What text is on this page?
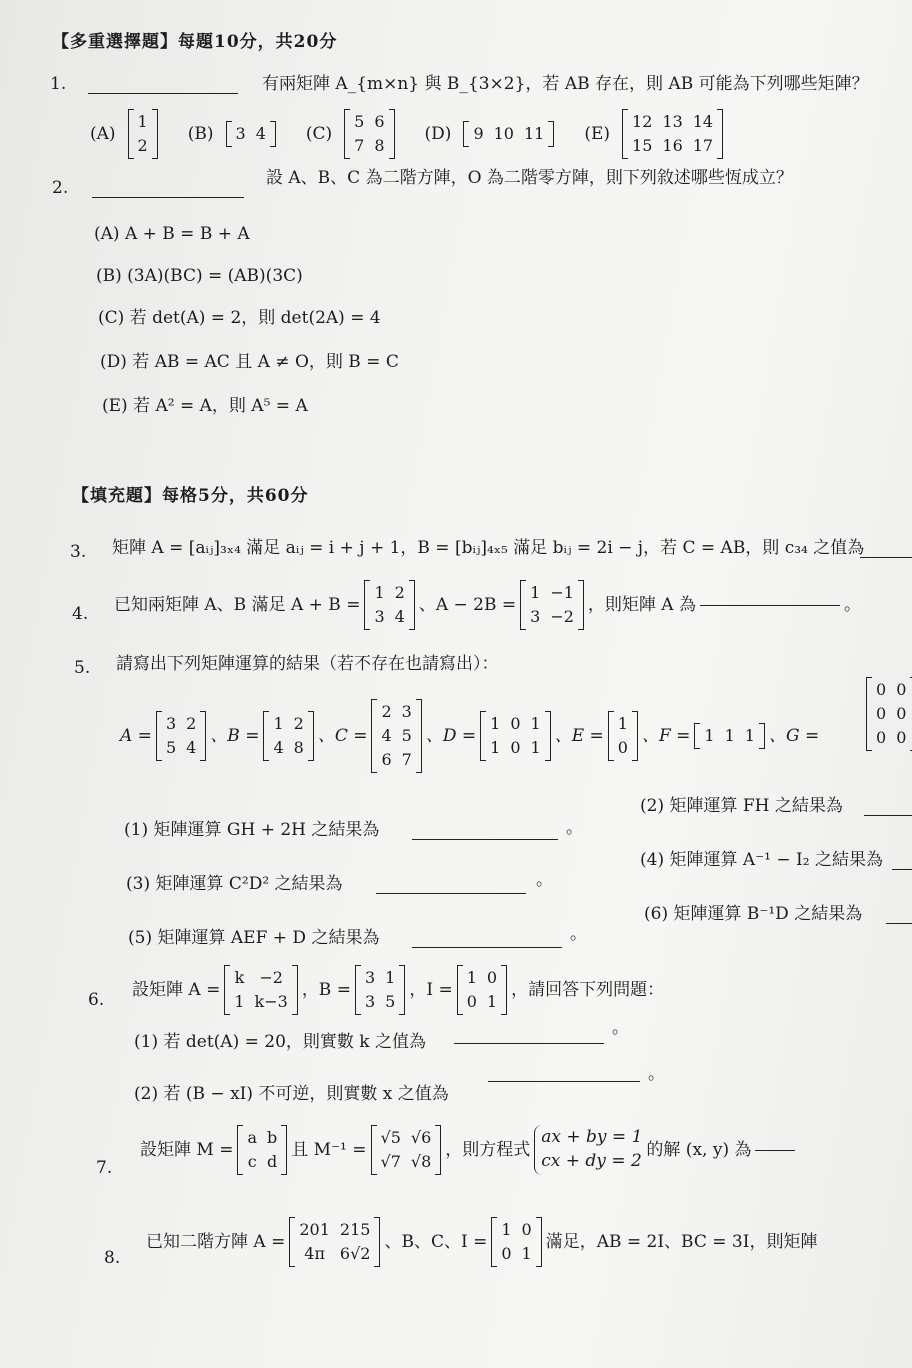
【多重選擇題】每題10分，共20分
1.	有兩矩陣 A_{m×n} 與 B_{3×2}，若 AB 存在，則 AB 可能為下列哪些矩陣？
(A)
1
2
(B) 3	4 (C)
5	6
7	8
(D) 9	10	11 (E)
12	13	14
15	16	17
2.	設 A、B、C 為二階方陣，O 為二階零方陣，則下列敘述哪些恆成立？
(A) A + B = B + A
(B) (3A)(BC) = (AB)(3C)
(C) 若 det(A) = 2，則 det(2A) = 4
(D) 若 AB = AC 且 A ≠ O，則 B = C
(E) 若 A² = A，則 A⁵ = A
【填充題】每格5分，共60分
3. 矩陣 A = [aᵢⱼ]₃ₓ₄ 滿足 aᵢⱼ = i + j + 1，B = [bᵢⱼ]₄ₓ₅ 滿足 bᵢⱼ = 2i − j，若 C = AB，則 c₃₄ 之值為
4. 已知兩矩陣 A、B 滿足 A + B =
1	2
3	4
、A − 2B =
1	−1
3	−2
，則矩陣 A 為	。
5. 請寫出下列矩陣運算的結果（若不存在也請寫出）：
A =
3	2
5	4
、B =
1	2
4	8
、C =
2	3
4	5
6	7
、D =
1	0	1
1	0	1
、E =
1
0
、F = 1	1	1 、G =
0	0
0	0
0	0
(1) 矩陣運算 GH + 2H 之結果為	。
(2) 矩陣運算 FH 之結果為
(3) 矩陣運算 C²D² 之結果為	。
(4) 矩陣運算 A⁻¹ − I₂ 之結果為
(5) 矩陣運算 AEF + D 之結果為	。
(6) 矩陣運算 B⁻¹D 之結果為
6.
設矩陣 A =
k	−2
1	k−3
，B =
3	1
3	5
，I =
1	0
0	1
，請回答下列問題：
(1) 若 det(A) = 20，則實數 k 之值為
。
(2) 若 (B − xI) 不可逆，則實數 x 之值為
。
7.
設矩陣 M =
a	b
c	d
且 M⁻¹ =
√5	√6
√7	√8
，則方程式
ax + by = 1
cx + dy = 2
的解 (x, y) 為
8.
已知二階方陣 A =
201	215
4π	6√2
、B、C、I =
1	0
0	1
滿足，AB = 2I、BC = 3I，則矩陣
